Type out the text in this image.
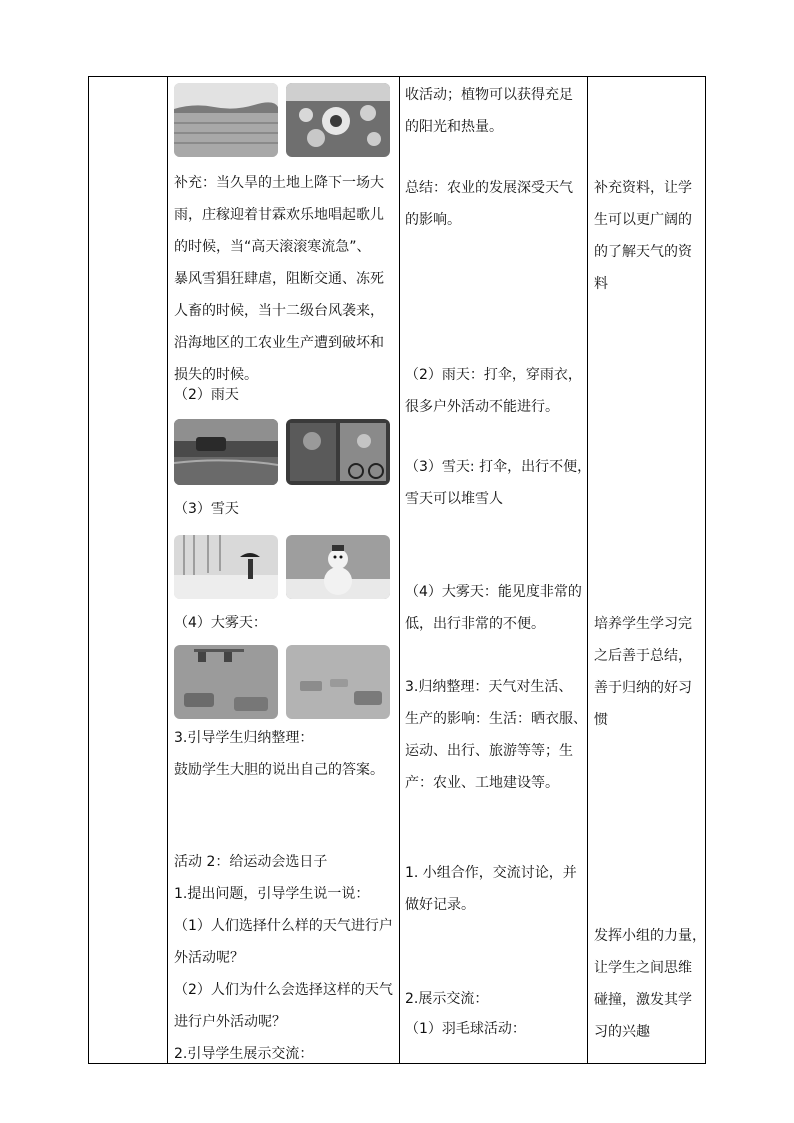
补充：当久旱的土地上降下一场大
雨，庄稼迎着甘霖欢乐地唱起歌儿
的时候，当“高天滚滚寒流急”、
暴风雪猖狂肆虐，阻断交通、冻死
人畜的时候，当十二级台风袭来，
沿海地区的工农业生产遭到破坏和
损失的时候。
（2）雨天
（3）雪天
（4）大雾天：
3.引导学生归纳整理：
鼓励学生大胆的说出自己的答案。
活动 2：给运动会选日子
1.提出问题，引导学生说一说：
（1）人们选择什么样的天气进行户
外活动呢？
（2）人们为什么会选择这样的天气
进行户外活动呢？
2.引导学生展示交流：
收活动；植物可以获得充足
的阳光和热量。
总结：农业的发展深受天气
的影响。
（2）雨天：打伞，穿雨衣，
很多户外活动不能进行。
（3）雪天: 打伞，出行不便，
雪天可以堆雪人
（4）大雾天：能见度非常的
低，出行非常的不便。
3.归纳整理：天气对生活、
生产的影响：生活：晒衣服、
运动、出行、旅游等等；生
产：农业、工地建设等。
1. 小组合作，交流讨论，并
做好记录。
2.展示交流：
（1）羽毛球活动：
补充资料，让学
生可以更广阔的
的了解天气的资
料
培养学生学习完
之后善于总结，
善于归纳的好习
惯
发挥小组的力量，
让学生之间思维
碰撞，激发其学
习的兴趣
